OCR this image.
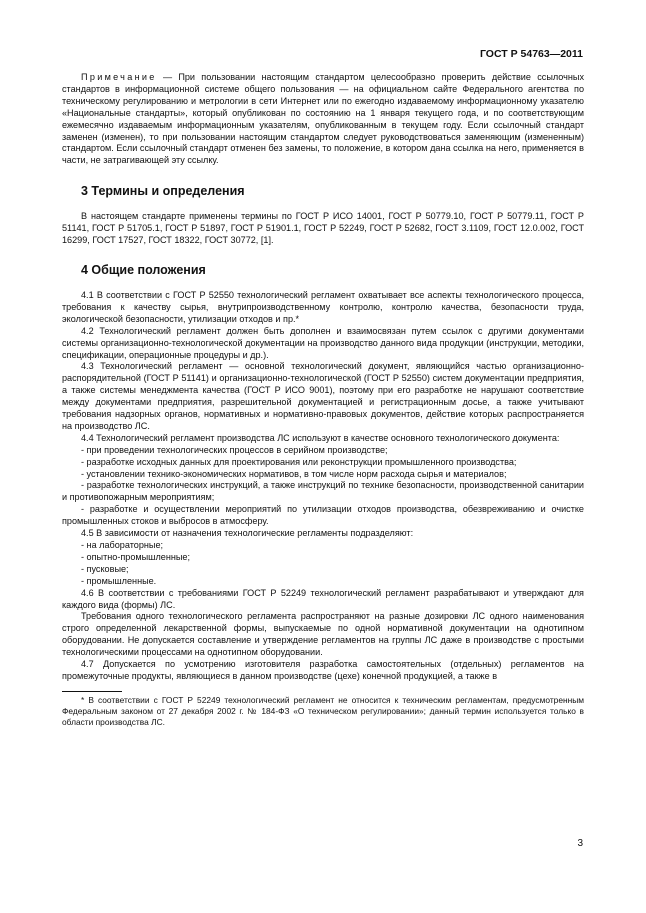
ГОСТ Р 54763—2011

Примечание — При пользовании настоящим стандартом целесообразно проверить действие ссылочных стандартов в информационной системе общего пользования — на официальном сайте Федерального агентства по техническому регулированию и метрологии в сети Интернет или по ежегодно издаваемому информационному указателю «Национальные стандарты», который опубликован по состоянию на 1 января текущего года, и по соответствующим ежемесячно издаваемым информационным указателям, опубликованным в текущем году. Если ссылочный стандарт заменен (изменен), то при пользовании настоящим стандартом следует руководствоваться заменяющим (измененным) стандартом. Если ссылочный стандарт отменен без замены, то положение, в котором дана ссылка на него, применяется в части, не затрагивающей эту ссылку.

3 Термины и определения

В настоящем стандарте применены термины по ГОСТ Р ИСО 14001, ГОСТ Р 50779.10, ГОСТ Р 50779.11, ГОСТ Р 51141, ГОСТ Р 51705.1, ГОСТ Р 51897, ГОСТ Р 51901.1, ГОСТ Р 52249, ГОСТ Р 52682, ГОСТ 3.1109, ГОСТ 12.0.002, ГОСТ 16299, ГОСТ 17527, ГОСТ 18322, ГОСТ 30772, [1].

4 Общие положения

4.1 В соответствии с ГОСТ Р 52550 технологический регламент охватывает все аспекты технологического процесса, требования к качеству сырья, внутрипроизводственному контролю, контролю качества, безопасности труда, экологической безопасности, утилизации отходов и пр.*

4.2 Технологический регламент должен быть дополнен и взаимосвязан путем ссылок с другими документами системы организационно-технологической документации на производство данного вида продукции (инструкции, методики, спецификации, операционные процедуры и др.).

4.3 Технологический регламент — основной технологический документ, являющийся частью организационно-распорядительной (ГОСТ Р 51141) и организационно-технологической (ГОСТ Р 52550) систем документации предприятия, а также системы менеджмента качества (ГОСТ Р ИСО 9001), поэтому при его разработке не нарушают соответствие между документами предприятия, разрешительной документацией и регистрационным досье, а также учитывают требования надзорных органов, нормативных и нормативно-правовых документов, действие которых распространяется на производство ЛС.

4.4 Технологический регламент производства ЛС используют в качестве основного технологического документа:

- при проведении технологических процессов в серийном производстве;

- разработке исходных данных для проектирования или реконструкции промышленного производства;

- установлении технико-экономических нормативов, в том числе норм расхода сырья и материалов;

- разработке технологических инструкций, а также инструкций по технике безопасности, производственной санитарии и противопожарным мероприятиям;

- разработке и осуществлении мероприятий по утилизации отходов производства, обезвреживанию и очистке промышленных стоков и выбросов в атмосферу.

4.5 В зависимости от назначения технологические регламенты подразделяют:

- на лабораторные;

- опытно-промышленные;

- пусковые;

- промышленные.

4.6 В соответствии с требованиями ГОСТ Р 52249 технологический регламент разрабатывают и утверждают для каждого вида (формы) ЛС.

Требования одного технологического регламента распространяют на разные дозировки ЛС одного наименования строго определенной лекарственной формы, выпускаемые по одной нормативной документации на однотипном оборудовании. Не допускается составление и утверждение регламентов на группы ЛС даже в производстве с простыми технологическими процессами на однотипном оборудовании.

4.7 Допускается по усмотрению изготовителя разработка самостоятельных (отдельных) регламентов на промежуточные продукты, являющиеся в данном производстве (цехе) конечной продукцией, а также в

* В соответствии с ГОСТ Р 52249 технологический регламент не относится к техническим регламентам, предусмотренным Федеральным законом от 27 декабря 2002 г. № 184-ФЗ «О техническом регулировании»; данный термин используется только в области производства ЛС.

3
